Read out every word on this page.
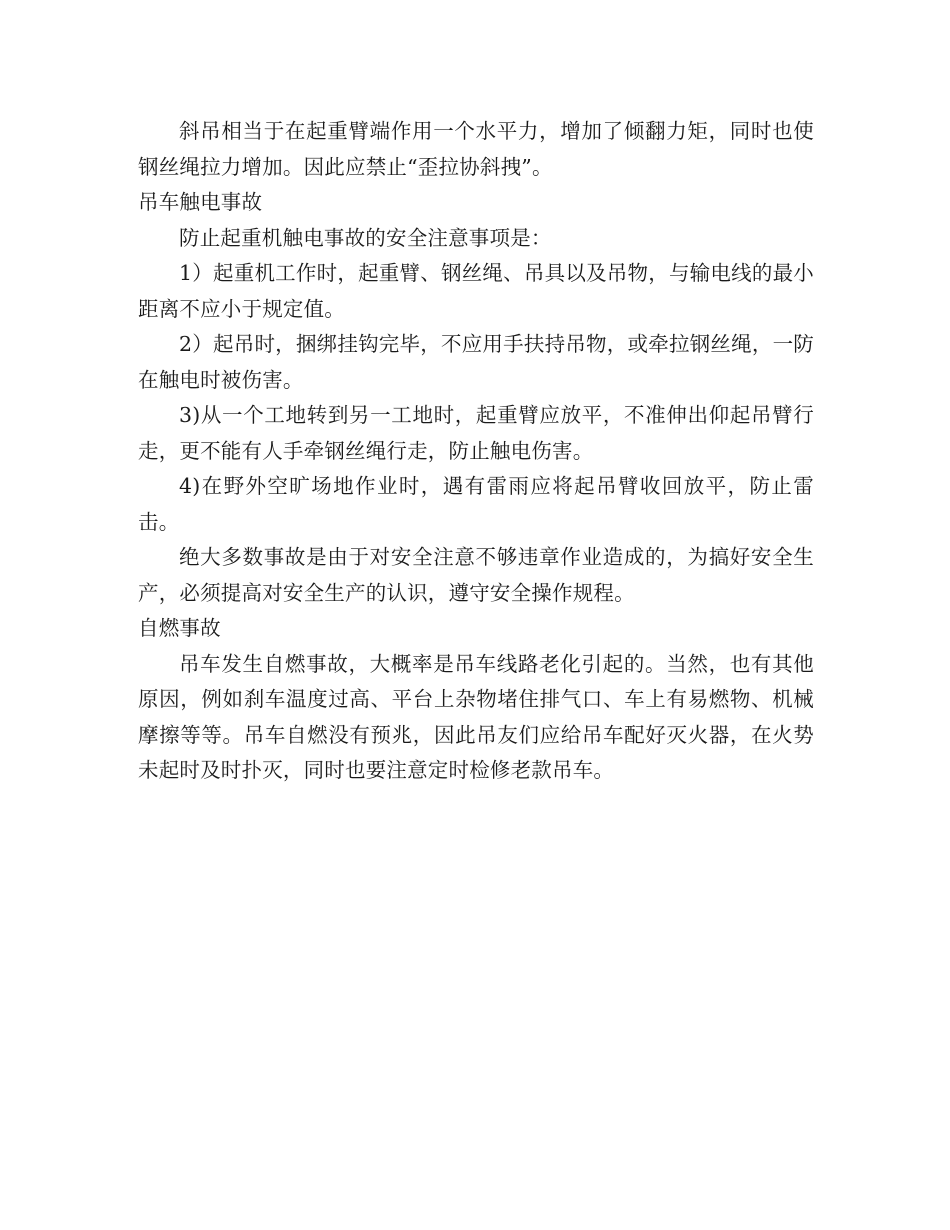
斜吊相当于在起重臂端作用一个水平力，增加了倾翻力矩，同时也使钢丝绳拉力增加。因此应禁止“歪拉协斜拽”。

吊车触电事故

防止起重机触电事故的安全注意事项是：

1）起重机工作时，起重臂、钢丝绳、吊具以及吊物，与输电线的最小距离不应小于规定值。

2）起吊时，捆绑挂钩完毕，不应用手扶持吊物，或牵拉钢丝绳，一防在触电时被伤害。

3)从一个工地转到另一工地时，起重臂应放平，不准伸出仰起吊臂行走，更不能有人手牵钢丝绳行走，防止触电伤害。

4)在野外空旷场地作业时，遇有雷雨应将起吊臂收回放平，防止雷击。

绝大多数事故是由于对安全注意不够违章作业造成的，为搞好安全生产，必须提高对安全生产的认识，遵守安全操作规程。

自燃事故

吊车发生自燃事故，大概率是吊车线路老化引起的。当然，也有其他原因，例如刹车温度过高、平台上杂物堵住排气口、车上有易燃物、机械摩擦等等。吊车自燃没有预兆，因此吊友们应给吊车配好灭火器，在火势未起时及时扑灭，同时也要注意定时检修老款吊车。
